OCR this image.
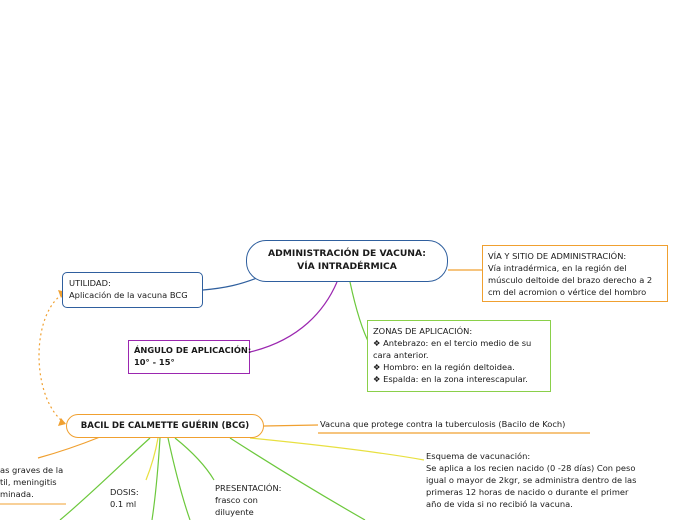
ADMINISTRACIÓN DE VACUNA:
VÍA INTRADÉRMICA
UTILIDAD:
Aplicación de la vacuna BCG
ÁNGULO DE APLICACIÓN:
10° - 15°
VÍA Y SITIO DE ADMINISTRACIÓN:
Vía intradérmica, en la región del
músculo deltoide del brazo derecho a 2
cm del acromion o vértice del hombro
ZONAS DE APLICACIÓN:
❖ Antebrazo: en el tercio medio de su
cara anterior.
❖ Hombro: en la región deltoidea.
❖ Espalda: en la zona interescapular.
BACIL DE CALMETTE GUÉRIN (BCG)	Vacuna que protege contra la tuberculosis (Bacilo de Koch)
Esquema de vacunación:
Se aplica a los recien nacido (0 -28 días) Con peso
igual o mayor de 2kgr, se administra dentro de las
primeras 12 horas de nacido o durante el primer
año de vida si no recibió la vacuna.
DOSIS:
0.1 ml
PRESENTACIÓN:
frasco con
diluyente
as graves de la
til, meningitis
minada.
